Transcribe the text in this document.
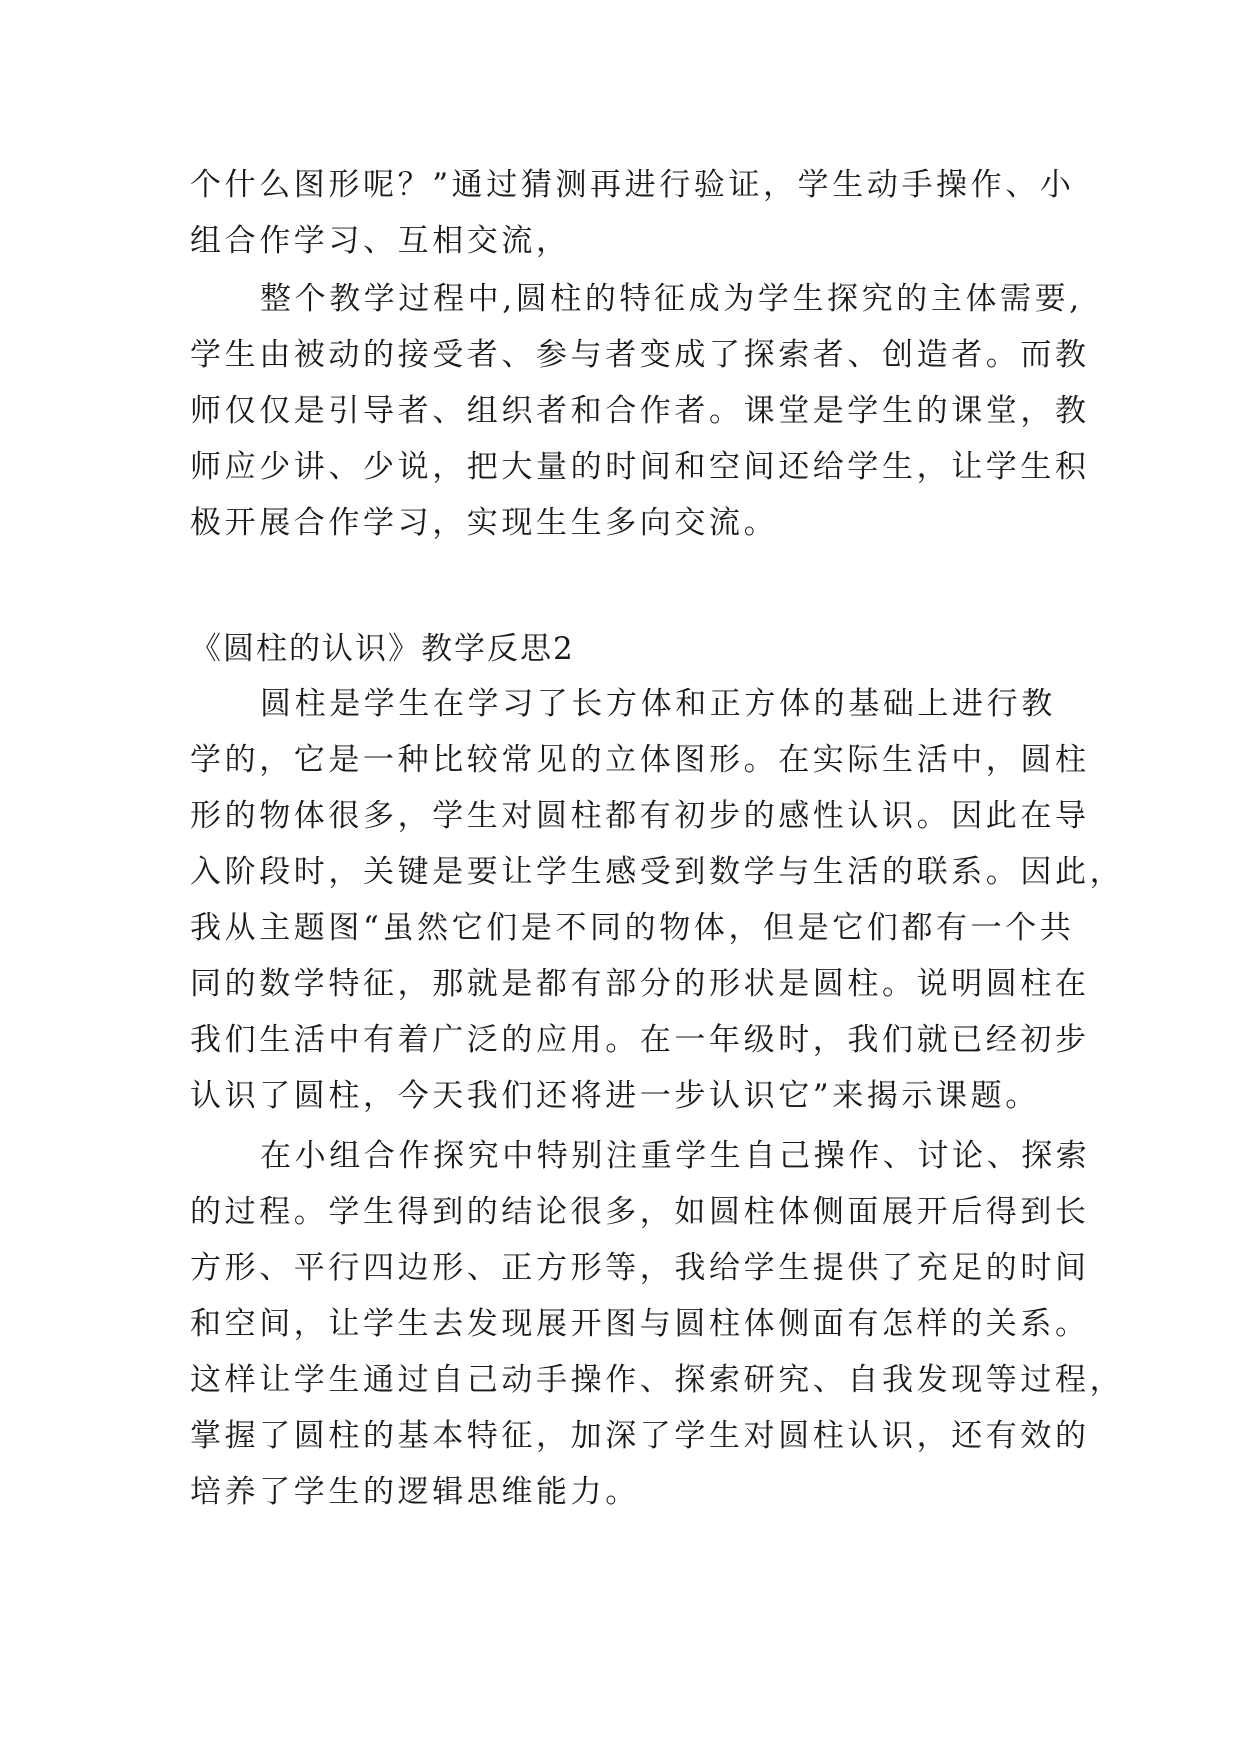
个什么图形呢？”通过猜测再进行验证，学生动手操作、小
组合作学习、互相交流，
整个教学过程中,圆柱的特征成为学生探究的主体需要,
学生由被动的接受者、参与者变成了探索者、创造者。而教
师仅仅是引导者、组织者和合作者。课堂是学生的课堂，教
师应少讲、少说，把大量的时间和空间还给学生，让学生积
极开展合作学习，实现生生多向交流。
《圆柱的认识》教学反思2
圆柱是学生在学习了长方体和正方体的基础上进行教
学的，它是一种比较常见的立体图形。在实际生活中，圆柱
形的物体很多，学生对圆柱都有初步的感性认识。因此在导
入阶段时，关键是要让学生感受到数学与生活的联系。因此，
我从主题图“虽然它们是不同的物体，但是它们都有一个共
同的数学特征，那就是都有部分的形状是圆柱。说明圆柱在
我们生活中有着广泛的应用。在一年级时，我们就已经初步
认识了圆柱，今天我们还将进一步认识它”来揭示课题。
在小组合作探究中特别注重学生自己操作、讨论、探索
的过程。学生得到的结论很多，如圆柱体侧面展开后得到长
方形、平行四边形、正方形等，我给学生提供了充足的时间
和空间，让学生去发现展开图与圆柱体侧面有怎样的关系。
这样让学生通过自己动手操作、探索研究、自我发现等过程，
掌握了圆柱的基本特征，加深了学生对圆柱认识，还有效的
培养了学生的逻辑思维能力。
